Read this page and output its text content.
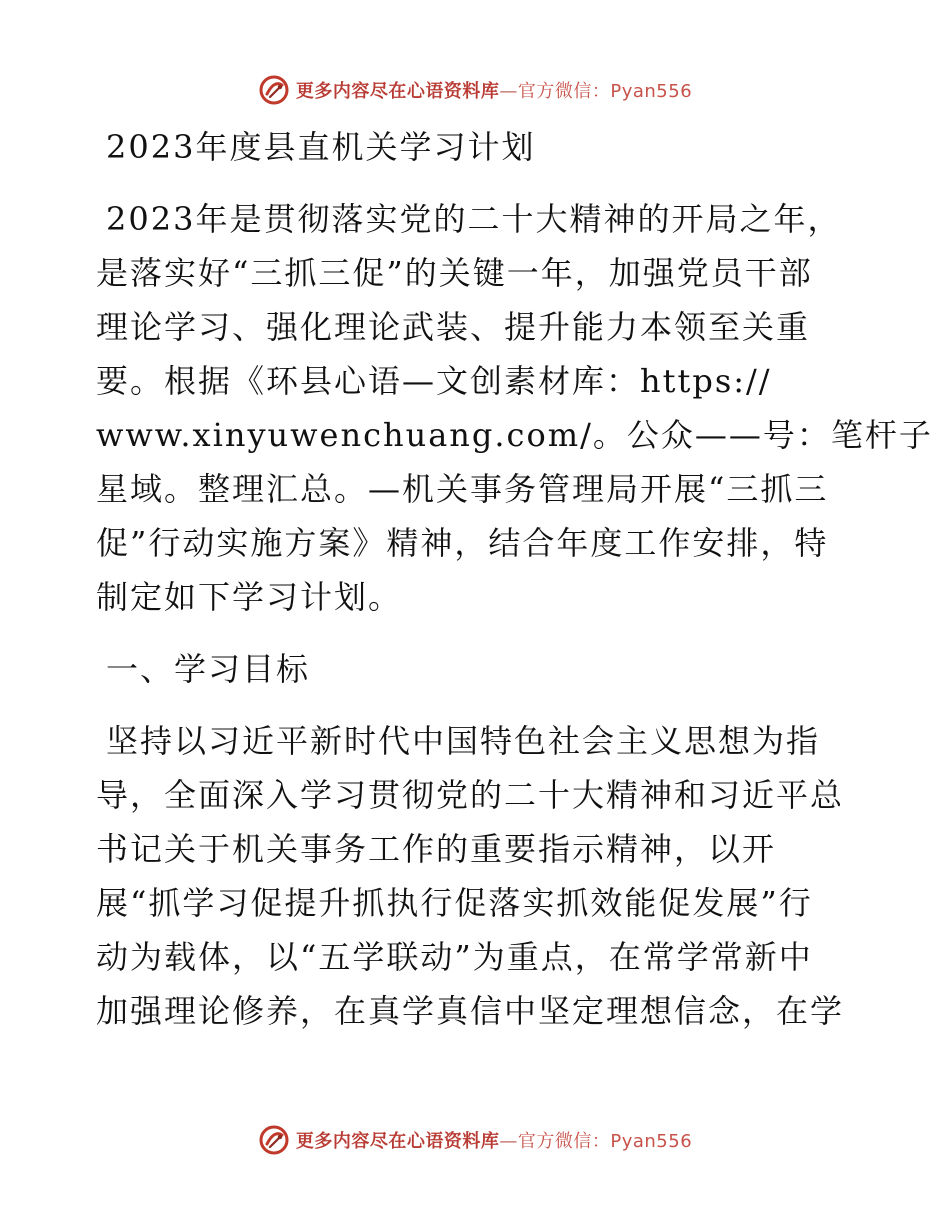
更多内容尽在心语资料库—官方微信：Pyan556
2023年度县直机关学习计划
2023年是贯彻落实党的二十大精神的开局之年，
是落实好“三抓三促”的关键一年，加强党员干部
理论学习、强化理论武装、提升能力本领至关重
要。根据《环县心语—文创素材库：https://
www.xinyuwenchuang.com/。公众——号：笔杆子
星域。整理汇总。—机关事务管理局开展“三抓三
促”行动实施方案》精神，结合年度工作安排，特
制定如下学习计划。
一、学习目标
坚持以习近平新时代中国特色社会主义思想为指
导，全面深入学习贯彻党的二十大精神和习近平总
书记关于机关事务工作的重要指示精神，以开
展“抓学习促提升抓执行促落实抓效能促发展”行
动为载体，以“五学联动”为重点，在常学常新中
加强理论修养，在真学真信中坚定理想信念，在学
更多内容尽在心语资料库—官方微信：Pyan556
